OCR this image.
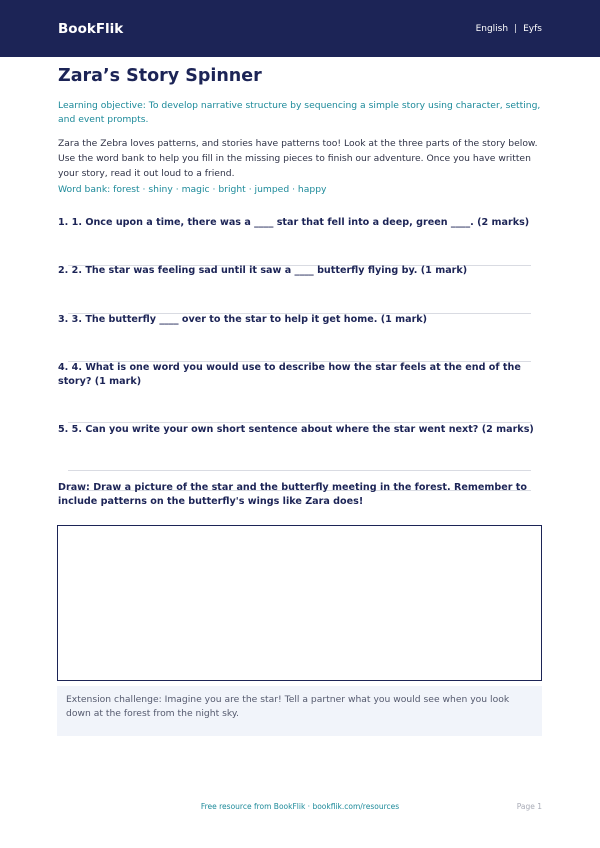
BookFlik	English | Eyfs
Zara’s Story Spinner

Learning objective: To develop narrative structure by sequencing a simple story using character, setting, and event prompts.

Zara the Zebra loves patterns, and stories have patterns too! Look at the three parts of the story below. Use the word bank to help you fill in the missing pieces to finish our adventure. Once you have written your story, read it out loud to a friend.

Word bank: forest · shiny · magic · bright · jumped · happy

1. 1. Once upon a time, there was a ____ star that fell into a deep, green ____. (2 marks)

2. 2. The star was feeling sad until it saw a ____ butterfly flying by. (1 mark)

3. 3. The butterfly ____ over to the star to help it get home. (1 mark)

4. 4. What is one word you would use to describe how the star feels at the end of the story? (1 mark)

5. 5. Can you write your own short sentence about where the star went next? (2 marks)

Draw: Draw a picture of the star and the butterfly meeting in the forest. Remember to include patterns on the butterfly's wings like Zara does!

Extension challenge: Imagine you are the star! Tell a partner what you would see when you look down at the forest from the night sky.
Free resource from BookFlik · bookflik.com/resources	Page 1
